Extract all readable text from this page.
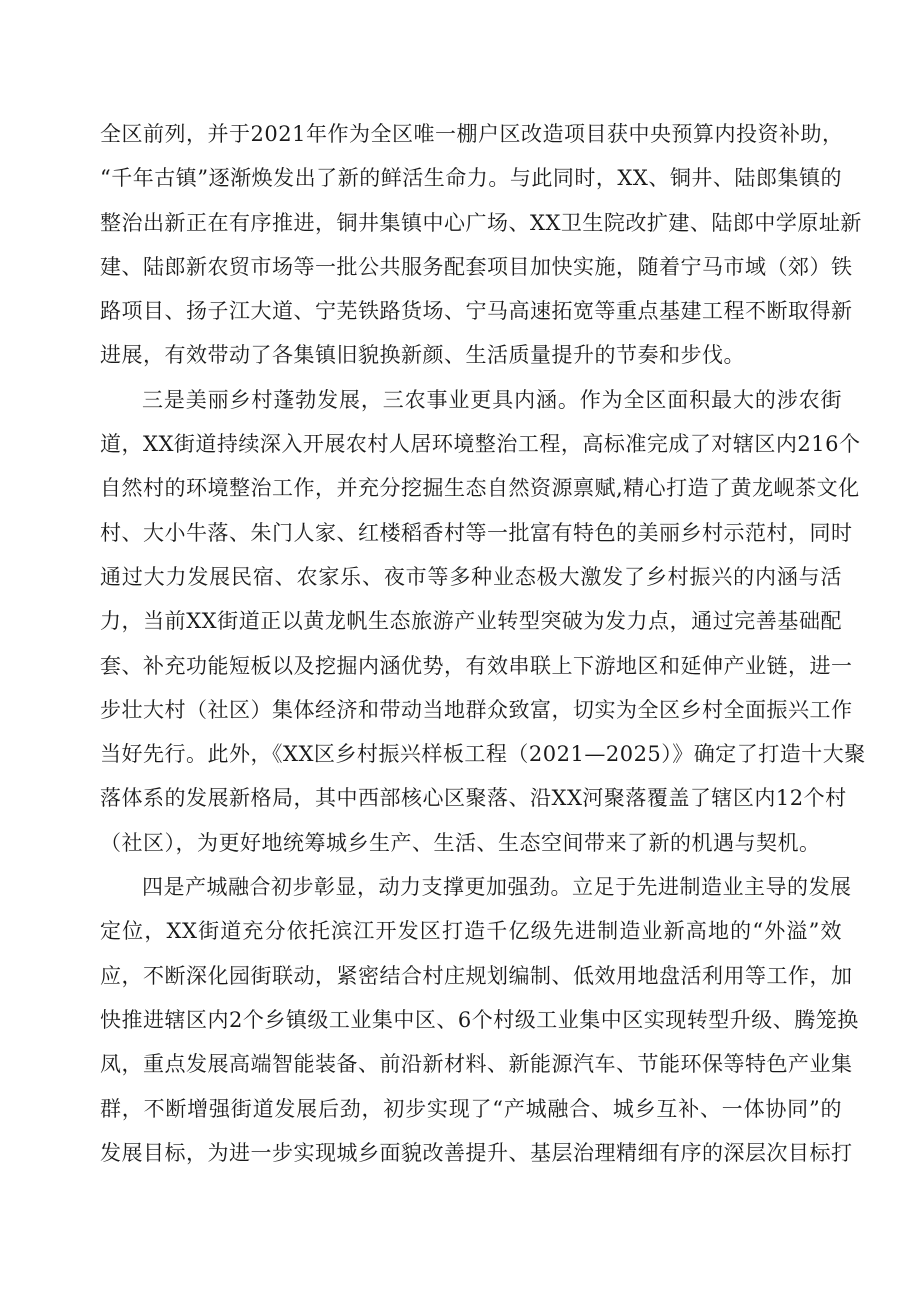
全区前列，并于2021年作为全区唯一棚户区改造项目获中央预算内投资补助，
“千年古镇”逐渐焕发出了新的鲜活生命力。与此同时，XX、铜井、陆郎集镇的
整治出新正在有序推进，铜井集镇中心广场、XX卫生院改扩建、陆郎中学原址新
建、陆郎新农贸市场等一批公共服务配套项目加快实施，随着宁马市域（郊）铁
路项目、扬子江大道、宁芜铁路货场、宁马高速拓宽等重点基建工程不断取得新
进展，有效带动了各集镇旧貌换新颜、生活质量提升的节奏和步伐。
三是美丽乡村蓬勃发展，三农事业更具内涵。作为全区面积最大的涉农街
道，XX街道持续深入开展农村人居环境整治工程，高标准完成了对辖区内216个
自然村的环境整治工作，并充分挖掘生态自然资源禀赋,精心打造了黄龙岘茶文化
村、大小牛落、朱门人家、红楼稻香村等一批富有特色的美丽乡村示范村，同时
通过大力发展民宿、农家乐、夜市等多种业态极大激发了乡村振兴的内涵与活
力，当前XX街道正以黄龙帆生态旅游产业转型突破为发力点，通过完善基础配
套、补充功能短板以及挖掘内涵优势，有效串联上下游地区和延伸产业链，进一
步壮大村（社区）集体经济和带动当地群众致富，切实为全区乡村全面振兴工作
当好先行。此外，《XX区乡村振兴样板工程（2021—2025）》确定了打造十大聚
落体系的发展新格局，其中西部核心区聚落、沿XX河聚落覆盖了辖区内12个村
（社区），为更好地统筹城乡生产、生活、生态空间带来了新的机遇与契机。
四是产城融合初步彰显，动力支撑更加强劲。立足于先进制造业主导的发展
定位，XX街道充分依托滨江开发区打造千亿级先进制造业新高地的“外溢”效
应，不断深化园街联动，紧密结合村庄规划编制、低效用地盘活利用等工作，加
快推进辖区内2个乡镇级工业集中区、6个村级工业集中区实现转型升级、腾笼换
凤，重点发展高端智能装备、前沿新材料、新能源汽车、节能环保等特色产业集
群，不断增强街道发展后劲，初步实现了“产城融合、城乡互补、一体协同”的
发展目标，为进一步实现城乡面貌改善提升、基层治理精细有序的深层次目标打
